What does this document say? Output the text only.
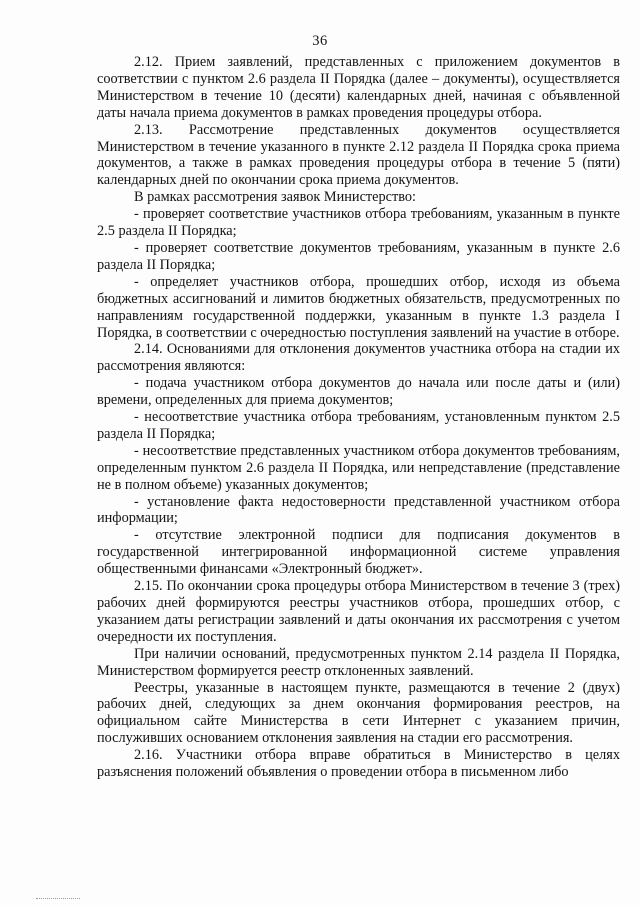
36

2.12. Прием заявлений, представленных с приложением документов в соответствии с пунктом 2.6 раздела II Порядка (далее – документы), осуществляется Министерством в течение 10 (десяти) календарных дней, начиная с объявленной даты начала приема документов в рамках проведения процедуры отбора.

2.13. Рассмотрение представленных документов осуществляется Министерством в течение указанного в пункте 2.12 раздела II Порядка срока приема документов, а также в рамках проведения процедуры отбора в течение 5 (пяти) календарных дней по окончании срока приема документов.

В рамках рассмотрения заявок Министерство:

- проверяет соответствие участников отбора требованиям, указанным в пункте 2.5 раздела II Порядка;

- проверяет соответствие документов требованиям, указанным в пункте 2.6 раздела II Порядка;

- определяет участников отбора, прошедших отбор, исходя из объема бюджетных ассигнований и лимитов бюджетных обязательств, предусмотренных по направлениям государственной поддержки, указанным в пункте 1.3 раздела I Порядка, в соответствии с очередностью поступления заявлений на участие в отборе.

2.14. Основаниями для отклонения документов участника отбора на стадии их рассмотрения являются:

- подача участником отбора документов до начала или после даты и (или) времени, определенных для приема документов;

- несоответствие участника отбора требованиям, установленным пунктом 2.5 раздела II Порядка;

- несоответствие представленных участником отбора документов требованиям, определенным пунктом 2.6 раздела II Порядка, или непредставление (представление не в полном объеме) указанных документов;

- установление факта недостоверности представленной участником отбора информации;

- отсутствие электронной подписи для подписания документов в государственной интегрированной информационной системе управления общественными финансами «Электронный бюджет».

2.15. По окончании срока процедуры отбора Министерством в течение 3 (трех) рабочих дней формируются реестры участников отбора, прошедших отбор, с указанием даты регистрации заявлений и даты окончания их рассмотрения с учетом очередности их поступления.

При наличии оснований, предусмотренных пунктом 2.14 раздела II Порядка, Министерством формируется реестр отклоненных заявлений.

Реестры, указанные в настоящем пункте, размещаются в течение 2 (двух) рабочих дней, следующих за днем окончания формирования реестров, на официальном сайте Министерства в сети Интернет с указанием причин, послуживших основанием отклонения заявления на стадии его рассмотрения.

2.16. Участники отбора вправе обратиться в Министерство в целях разъяснения положений объявления о проведении отбора в письменном либо
